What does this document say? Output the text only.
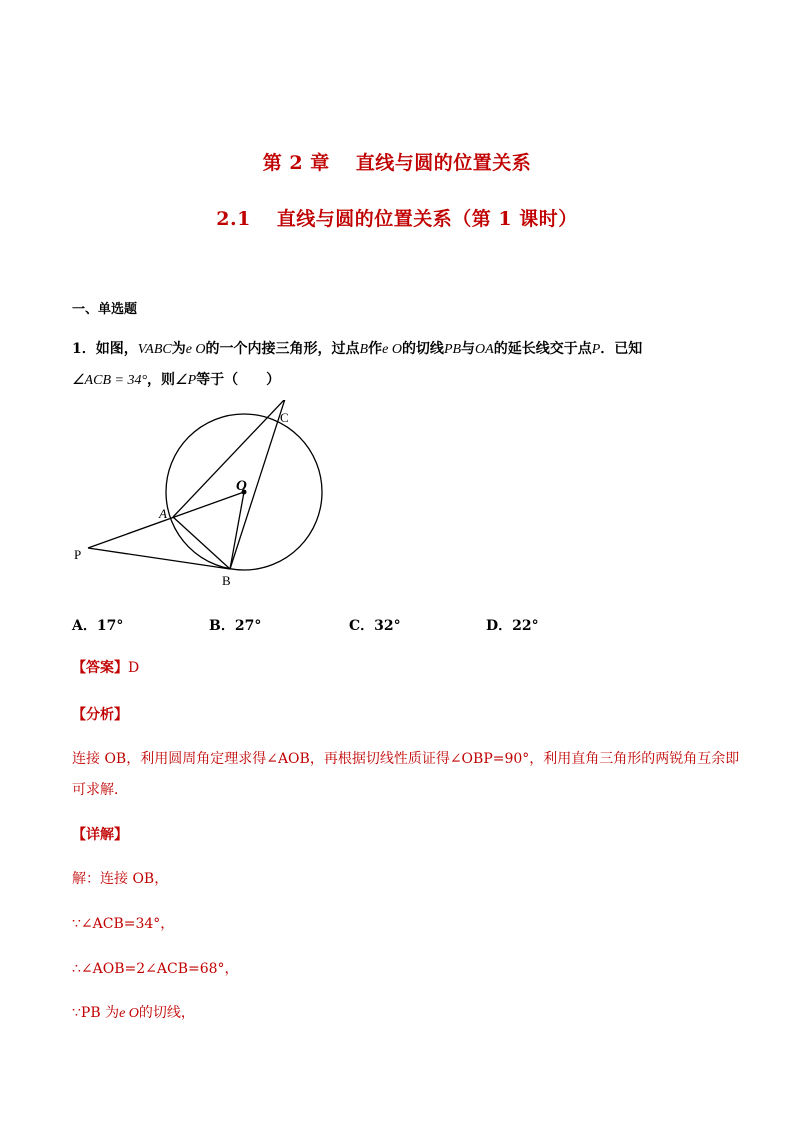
第 2 章 直线与圆的位置关系
2.1 直线与圆的位置关系（第 1 课时）
一、单选题
1．如图，VABC为e O的一个内接三角形，过点B作e O的切线PB与OA的延长线交于点P．已知
∠ACB = 34°，则∠P等于（　　）
C
O
A
P
B
A．17°	B．27°	C．32°	D．22°
【答案】D
【分析】
连接 OB，利用圆周角定理求得∠AOB，再根据切线性质证得∠OBP=90°，利用直角三角形的两锐角互余即
可求解．
【详解】
解：连接 OB，
∵∠ACB=34°，
∴∠AOB=2∠ACB=68°，
∵PB 为e O的切线，
